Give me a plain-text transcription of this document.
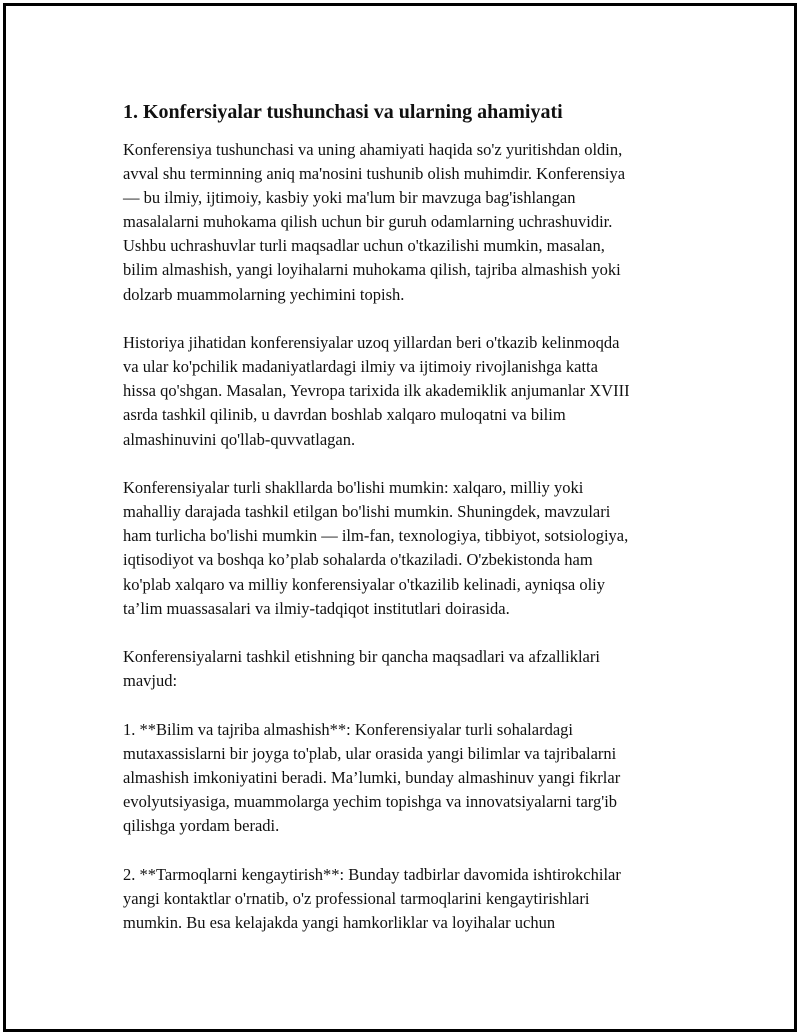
1. Konfersiyalar tushunchasi va ularning ahamiyati

Konferensiya tushunchasi va uning ahamiyati haqida so'z yuritishdan oldin,
avval shu terminning aniq ma'nosini tushunib olish muhimdir. Konferensiya
— bu ilmiy, ijtimoiy, kasbiy yoki ma'lum bir mavzuga bag'ishlangan
masalalarni muhokama qilish uchun bir guruh odamlarning uchrashuvidir.
Ushbu uchrashuvlar turli maqsadlar uchun o'tkazilishi mumkin, masalan,
bilim almashish, yangi loyihalarni muhokama qilish, tajriba almashish yoki
dolzarb muammolarning yechimini topish.

Historiya jihatidan konferensiyalar uzoq yillardan beri o'tkazib kelinmoqda
va ular ko'pchilik madaniyatlardagi ilmiy va ijtimoiy rivojlanishga katta
hissa qo'shgan. Masalan, Yevropa tarixida ilk akademiklik anjumanlar XVIII
asrda tashkil qilinib, u davrdan boshlab xalqaro muloqatni va bilim
almashinuvini qo'llab-quvvatlagan.

Konferensiyalar turli shakllarda bo'lishi mumkin: xalqaro, milliy yoki
mahalliy darajada tashkil etilgan bo'lishi mumkin. Shuningdek, mavzulari
ham turlicha bo'lishi mumkin — ilm-fan, texnologiya, tibbiyot, sotsiologiya,
iqtisodiyot va boshqa ko’plab sohalarda o'tkaziladi. O'zbekistonda ham
ko'plab xalqaro va milliy konferensiyalar o'tkazilib kelinadi, ayniqsa oliy
ta’lim muassasalari va ilmiy-tadqiqot institutlari doirasida.

Konferensiyalarni tashkil etishning bir qancha maqsadlari va afzalliklari
mavjud:

1. **Bilim va tajriba almashish**: Konferensiyalar turli sohalardagi
mutaxassislarni bir joyga to'plab, ular orasida yangi bilimlar va tajribalarni
almashish imkoniyatini beradi. Ma’lumki, bunday almashinuv yangi fikrlar
evolyutsiyasiga, muammolarga yechim topishga va innovatsiyalarni targ'ib
qilishga yordam beradi.

2. **Tarmoqlarni kengaytirish**: Bunday tadbirlar davomida ishtirokchilar
yangi kontaktlar o'rnatib, o'z professional tarmoqlarini kengaytirishlari
mumkin. Bu esa kelajakda yangi hamkorliklar va loyihalar uchun
